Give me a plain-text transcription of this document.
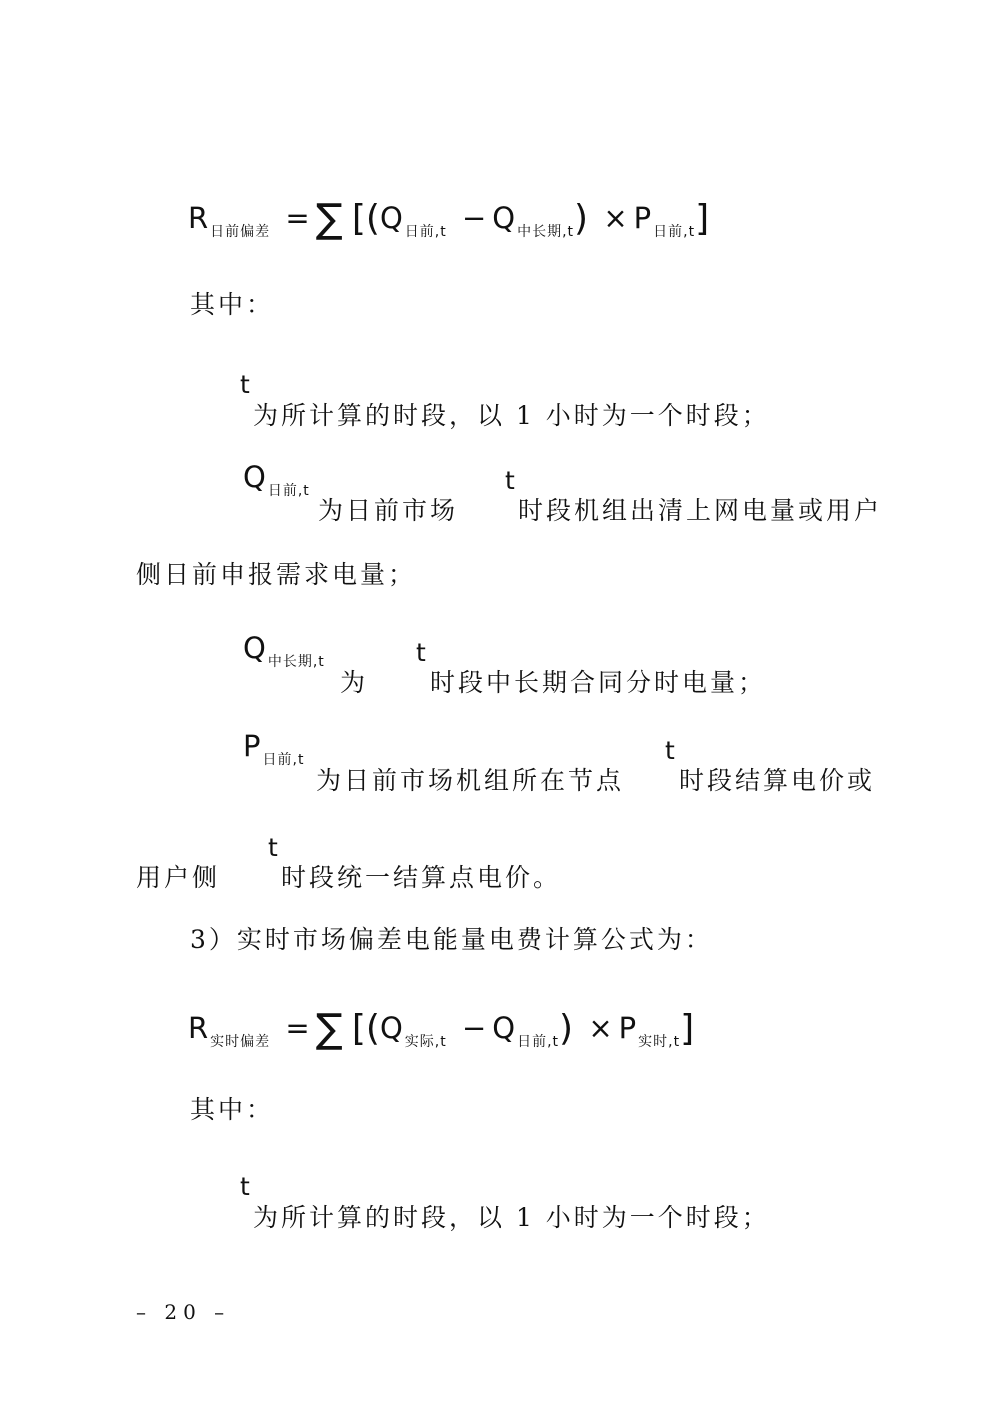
R $_{日前偏差}$ = ∑ [(Q $_{日前,t}$ − Q $_{中长期,t}$) × P $_{日前,t}$]
其中：
t
为所计算的时段，以 1 小时为一个时段；
Q $_{日前,t}$
为日前市场
t
时段机组出清上网电量或用户
侧日前申报需求电量；
Q $_{中长期,t}$
为
t
时段中长期合同分时电量；
P $_{日前,t}$
为日前市场机组所在节点
t
时段结算电价或
用户侧
t
时段统一结算点电价。
3）实时市场偏差电能量电费计算公式为：
R $_{实时偏差}$ = ∑ [(Q $_{实际,t}$ − Q $_{日前,t}$) × P $_{实时,t}$]
其中：
t
为所计算的时段，以 1 小时为一个时段；
– 20 –
